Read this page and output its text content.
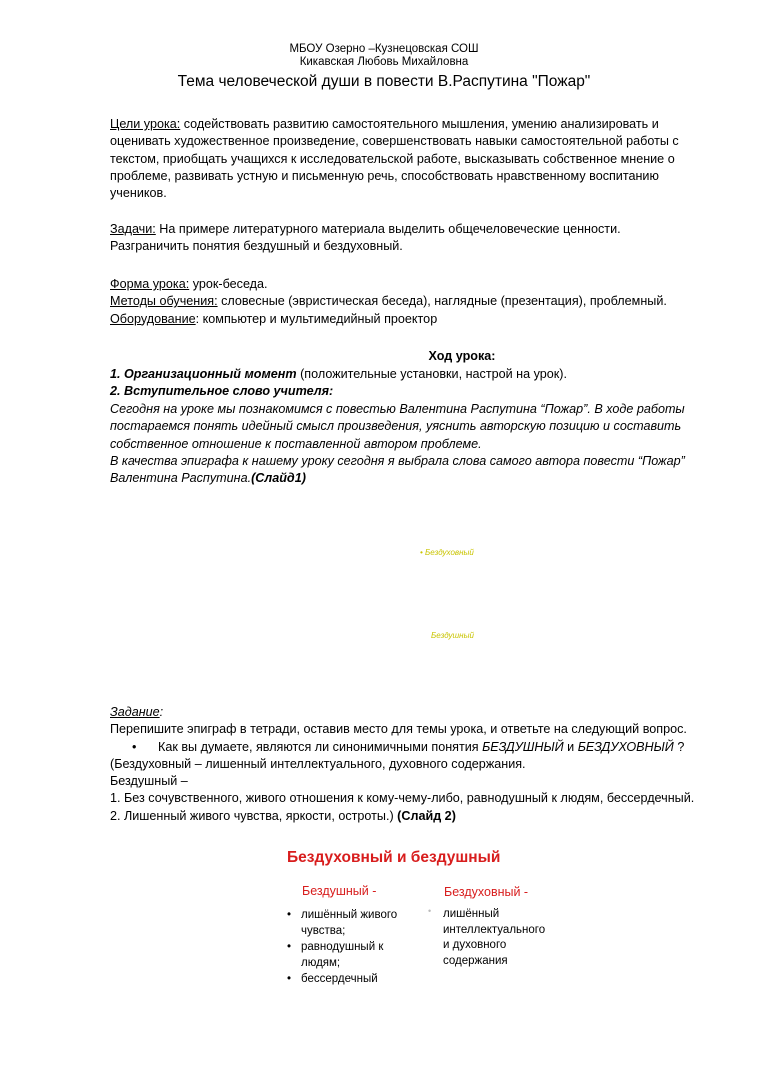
МБОУ Озерно –Кузнецовская СОШ
Кикавская Любовь Михайловна
Тема человеческой души в повести В.Распутина "Пожар"
Цели урока: содействовать развитию самостоятельного мышления, умению анализировать и
оценивать художественное произведение, совершенствовать навыки самостоятельной работы с
текстом, приобщать учащихся к исследовательской работе, высказывать собственное мнение о
проблеме, развивать устную и письменную речь, способствовать нравственному воспитанию
учеников.
Задачи: На примере литературного материала выделить общечеловеческие ценности.
Разграничить понятия бездушный и бездуховный.
Форма урока: урок-беседа.
Методы обучения: словесные (эвристическая беседа), наглядные (презентация), проблемный.
Оборудование: компьютер и мультимедийный проектор
Ход урока:
1. Организационный момент (положительные установки, настрой на урок).
2. Вступительное слово учителя:
Сегодня на уроке мы познакомимся с повестью Валентина Распутина “Пожар”. В ходе работы
постараемся понять идейный смысл произведения, уяснить авторскую позицию и составить
собственное отношение к поставленной автором проблеме.
В качества эпиграфа к нашему уроку сегодня я выбрала слова самого автора повести “Пожар”
Валентина Распутина.(Слайд1)
• Бездуховный
Бездушный
Задание:
Перепишите эпиграф в тетради, оставив место для темы урока, и ответьте на следующий вопрос.
• Как вы думаете, являются ли синонимичными понятия БЕЗДУШНЫЙ и БЕЗДУХОВНЫЙ ?
(Бездуховный – лишенный интеллектуального, духовного содержания.
Бездушный –
1. Без сочувственного, живого отношения к кому-чему-либо, равнодушный к людям, бессердечный.
2. Лишенный живого чувства, яркости, остроты.) (Слайд 2)
Бездуховный и бездушный
Бездушный -	Бездуховный -
• лишённый живого чувства;
• равнодушный к людям;
• бессердечный
• лишённый
интеллектуального
и духовного
содержания
